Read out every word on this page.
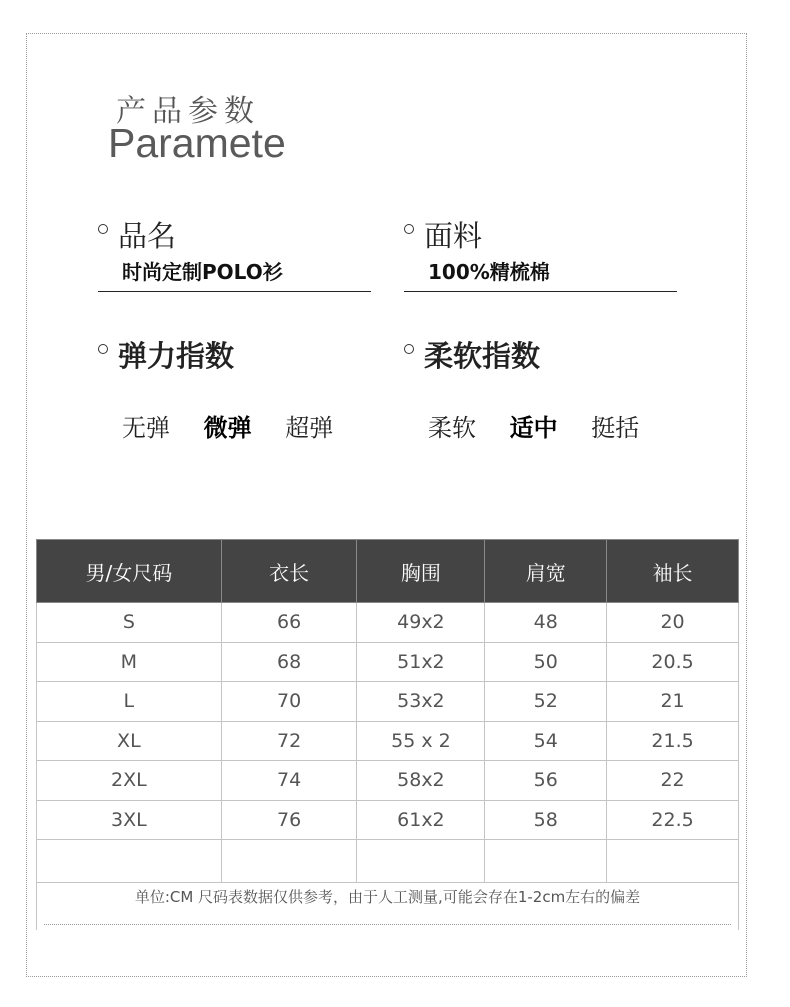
产品参数
Paramete
品名
时尚定制POLO衫
面料
100%精梳棉
弹力指数
无弹 微弹 超弹
柔软指数
柔软 适中 挺括
男/女尺码	衣长	胸围	肩宽	袖长
S	66	49x2	48	20
M	68	51x2	50	20.5
L	70	53x2	52	21
XL	72	55 x 2	54	21.5
2XL	74	58x2	56	22
3XL	76	61x2	58	22.5

单位:CM 尺码表数据仅供参考，由于人工测量,可能会存在1-2cm左右的偏差
